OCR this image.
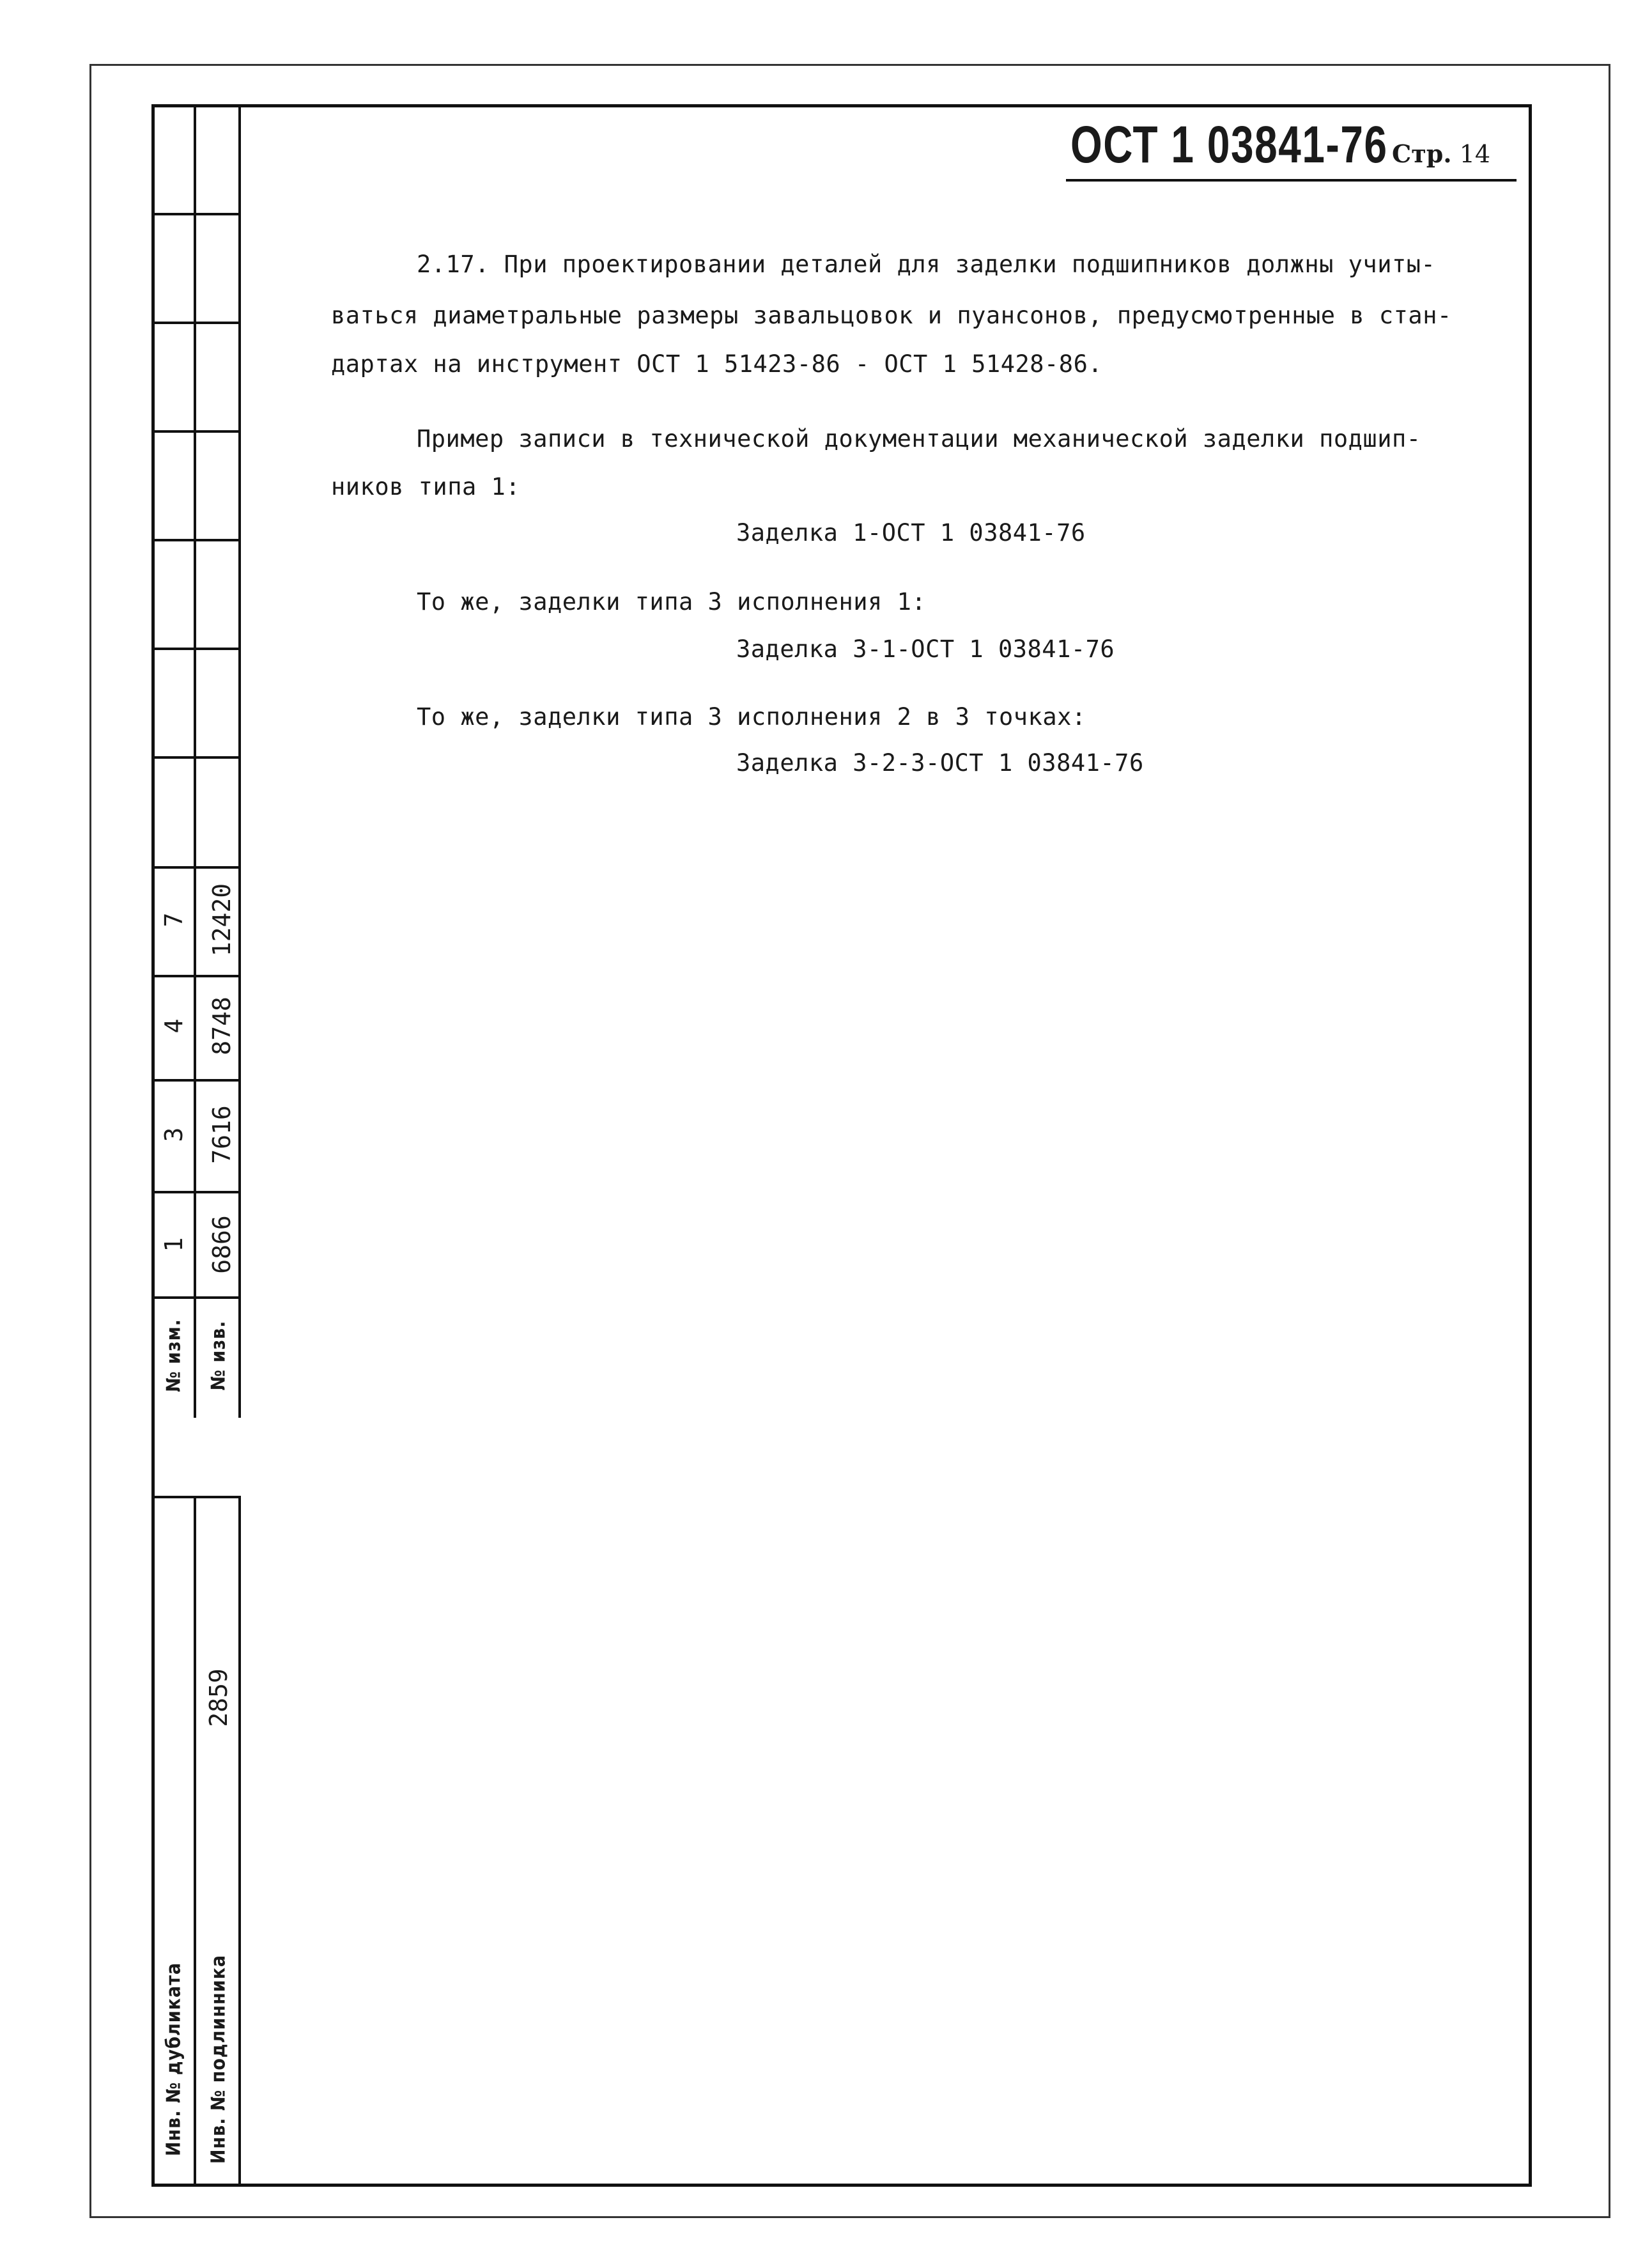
ОСТ 1 03841-76 Стр. 14
2.17. При проектировании деталей для заделки подшипников должны учиты-
ваться диаметральные размеры завальцовок и пуансонов, предусмотренные в стан-
дартах на инструмент ОСТ 1 51423-86 - ОСТ 1 51428-86.
Пример записи в технической документации механической заделки подшип-
ников типа 1:
Заделка 1-ОСТ 1 03841-76
То же, заделки типа 3 исполнения 1:
Заделка 3-1-ОСТ 1 03841-76
То же, заделки типа 3 исполнения 2 в 3 точках:
Заделка 3-2-3-ОСТ 1 03841-76
7 12420
4 8748
3 7616
1 6866
№ изм. № изв.
2859
Инв. № дубликата Инв. № подлинника
